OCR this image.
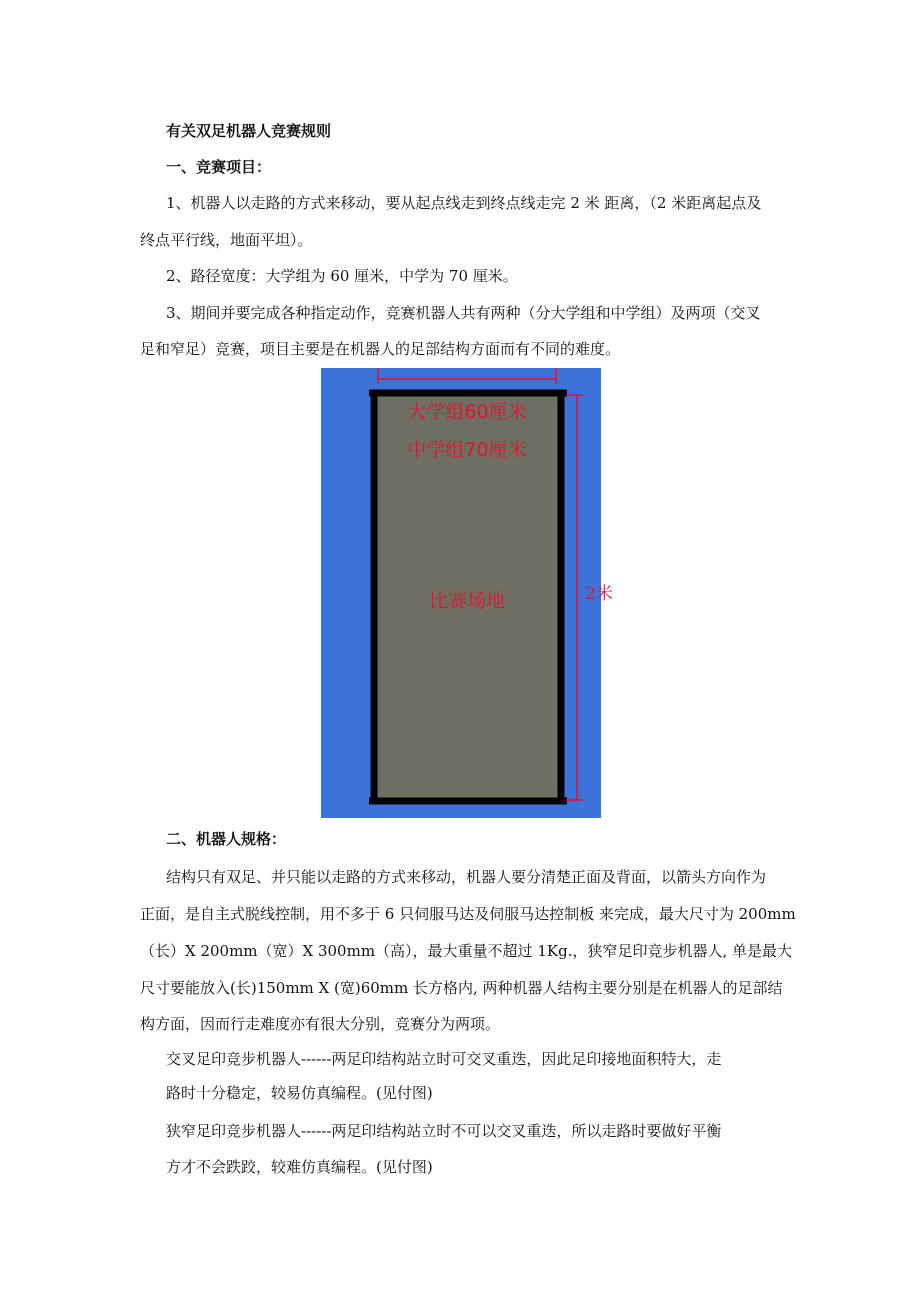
有关双足机器人竞赛规则
一、竞赛项目：
1、机器人以走路的方式来移动，要从起点线走到终点线走完 2 米 距离，（2 米距离起点及
终点平行线，地面平坦）。
2、路径宽度：大学组为 60 厘米，中学为 70 厘米。
3、期间并要完成各种指定动作，竞赛机器人共有两种（分大学组和中学组）及两项（交叉
足和窄足）竞赛，项目主要是在机器人的足部结构方面而有不同的难度。
大学组60厘米
中学组70厘米
比赛场地	2米
二、机器人规格：
结构只有双足、并只能以走路的方式来移动，机器人要分清楚正面及背面，以箭头方向作为
正面，是自主式脱线控制，用不多于 6 只伺服马达及伺服马达控制板 来完成，最大尺寸为 200mm
（长）X 200mm（宽）X 300mm（高），最大重量不超过 1Kg.，狭窄足印竞步机器人, 单是最大
尺寸要能放入(长)150mm X (宽)60mm 长方格内, 两种机器人结构主要分别是在机器人的足部结
构方面，因而行走难度亦有很大分别，竞赛分为两项。
交叉足印竞步机器人------两足印结构站立时可交叉重迭，因此足印接地面积特大，走
路时十分稳定，较易仿真编程。(见付图)
狭窄足印竞步机器人------两足印结构站立时不可以交叉重迭，所以走路时要做好平衡
方才不会跌跤，较难仿真编程。(见付图)
